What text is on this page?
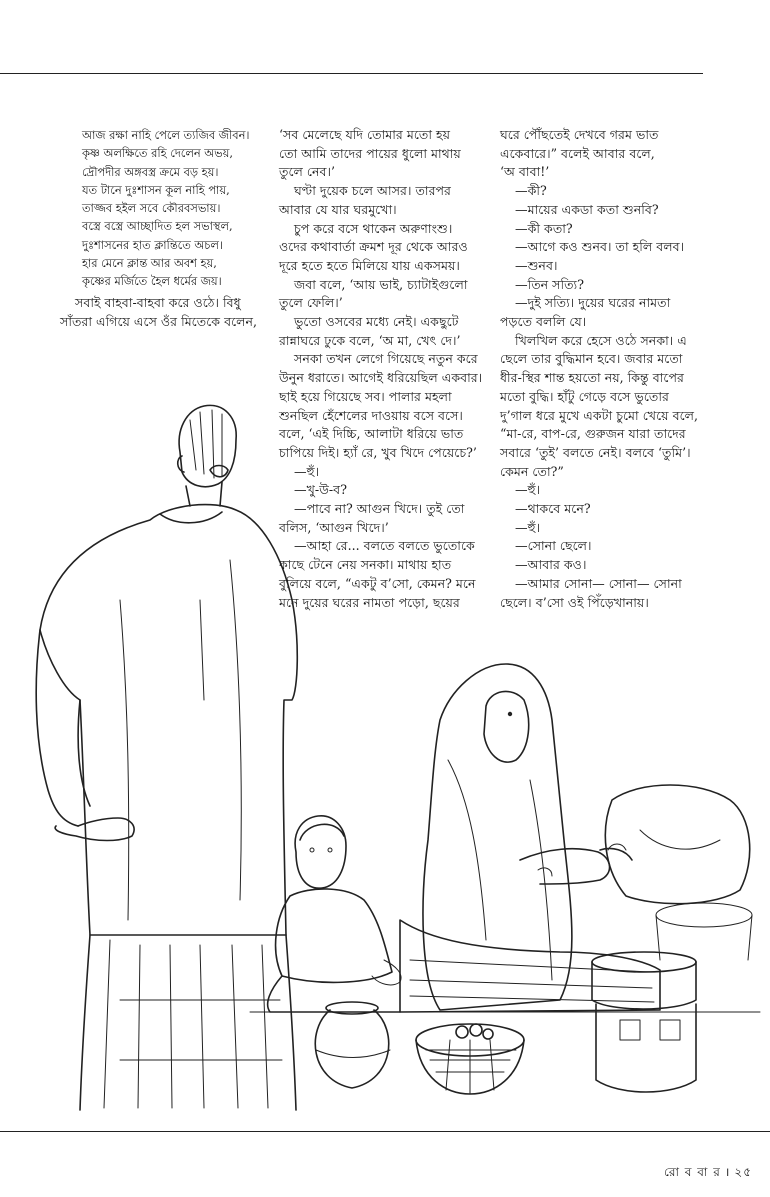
আজ রক্ষা নাহি পেলে ত্যজিব জীবন।

কৃষ্ণ অলক্ষিতে রহি দেলেন অভয়,

দ্রৌপদীর অঙ্গবস্ত্র ক্রমে বড় হয়।

যত টানে দুঃশাসন কূল নাহি পায়,

তাজ্জব হইল সবে কৌরবসভায়।

বস্ত্রে বস্ত্রে আচ্ছাদিত হল সভাস্থল,

দুঃশাসনের হাত ক্লান্তিতে অচল।

হার মেনে ক্লান্ত আর অবশ হয়,

কৃষ্ণের মর্জিতে হৈল ধর্মের জয়।

সবাই বাহবা-বাহবা করে ওঠে। বিধু

সাঁতরা এগিয়ে এসে ওঁর মিতেকে বলেন,

‘সব মেলেছে যদি তোমার মতো হয়

তো আমি তাদের পায়ের ধুলো মাথায়

তুলে নেব।’

ঘণ্টা দুয়েক চলে আসর। তারপর

আবার যে যার ঘরমুখো।

চুপ করে বসে থাকেন অরুণাংশু।

ওদের কথাবার্তা ক্রমশ দূর থেকে আরও

দূরে হতে হতে মিলিয়ে যায় একসময়।

জবা বলে, ‘আয় ভাই, চ্যাটাইগুলো

তুলে ফেলি।’

ভুতো ওসবের মধ্যে নেই। একছুটে

রান্নাঘরে ঢুকে বলে, ‘অ মা, খেৎ দে।’

সনকা তখন লেগে গিয়েছে নতুন করে

উনুন ধরাতে। আগেই ধরিয়েছিল একবার।

ছাই হয়ে গিয়েছে সব। পালার মহলা

শুনছিল হেঁশেলের দাওয়ায় বসে বসে।

বলে, ‘এই দিচ্চি, আলাটা ধরিয়ে ভাত

চাপিয়ে দিই। হ্যাঁ রে, খুব খিদে পেয়েচে?’

—হুঁ।

—খু-উ-ব?

—পাবে না? আগুন খিদে। তুই তো

বলিস, ‘আগুন খিদে।’

—আহা রে... বলতে বলতে ভুতোকে

কাছে টেনে নেয় সনকা। মাথায় হাত

বুলিয়ে বলে, “একটু ব’সো, কেমন? মনে

মনে দুয়ের ঘরের নামতা পড়ো, ছয়ের

ঘরে পৌঁছতেই দেখবে গরম ভাত

একেবারে।” বলেই আবার বলে,

‘অ বাবা!’

—কী?

—মায়ের একডা কতা শুনবি?

—কী কতা?

—আগে কও শুনব। তা হলি বলব।

—শুনব।

—তিন সত্যি?

—দুই সত্যি। দুয়ের ঘরের নামতা

পড়তে বললি যে।

খিলখিল করে হেসে ওঠে সনকা। এ

ছেলে তার বুদ্ধিমান হবে। জবার মতো

ধীর-স্থির শান্ত হয়তো নয়, কিন্তু বাপের

মতো বুদ্ধি। হাঁটু গেড়ে বসে ভুতোর

দু’গাল ধরে মুখে একটা চুমো খেয়ে বলে,

“মা-রে, বাপ-রে, গুরুজন যারা তাদের

সবারে ‘তুই’ বলতে নেই। বলবে ‘তুমি’।

কেমন তো?”

—হুঁ।

—থাকবে মনে?

—হুঁ।

—সোনা ছেলে।

—আবার কও।

—আমার সোনা— সোনা— সোনা

ছেলে। ব’সো ওই পিঁড়েখানায়।

রো ব বা র । ২৫
